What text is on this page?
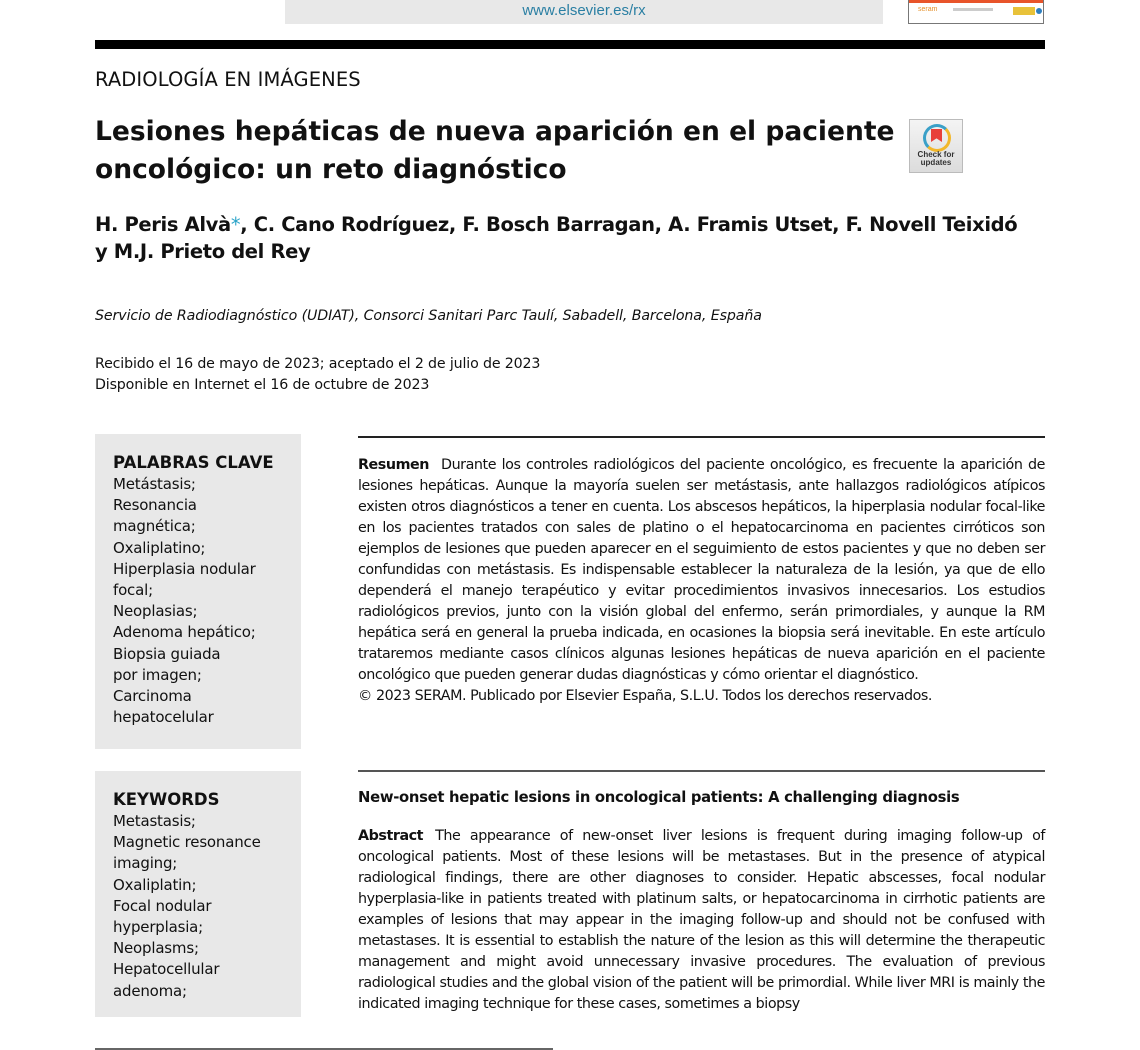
www.elsevier.es/rx	seram
RADIOLOGÍA EN IMÁGENES
Lesiones hepáticas de nueva aparición en el paciente
oncológico: un reto diagnóstico	Check for
updates
H. Peris Alvà*, C. Cano Rodríguez, F. Bosch Barragan, A. Framis Utset, F. Novell Teixidó
y M.J. Prieto del Rey
Servicio de Radiodiagnóstico (UDIAT), Consorci Sanitari Parc Taulí, Sabadell, Barcelona, España
Recibido el 16 de mayo de 2023; aceptado el 2 de julio de 2023
Disponible en Internet el 16 de octubre de 2023
PALABRAS CLAVE
Metástasis;
Resonancia
magnética;
Oxaliplatino;
Hiperplasia nodular
focal;
Neoplasias;
Adenoma hepático;
Biopsia guiada
por imagen;
Carcinoma
hepatocelular
KEYWORDS
Metastasis;
Magnetic resonance
imaging;
Oxaliplatin;
Focal nodular
hyperplasia;
Neoplasms;
Hepatocellular
adenoma;
Resumen Durante los controles radiológicos del paciente oncológico, es frecuente la aparición de lesiones hepáticas. Aunque la mayoría suelen ser metástasis, ante hallazgos radiológicos atípicos existen otros diagnósticos a tener en cuenta. Los abscesos hepáticos, la hiperplasia nodular focal-like en los pacientes tratados con sales de platino o el hepatocarcinoma en pacientes cirróticos son ejemplos de lesiones que pueden aparecer en el seguimiento de estos pacientes y que no deben ser confundidas con metástasis. Es indispensable establecer la naturaleza de la lesión, ya que de ello dependerá el manejo terapéutico y evitar procedimientos invasivos innecesarios. Los estudios radiológicos previos, junto con la visión global del enfermo, serán primordiales, y aunque la RM hepática será en general la prueba indicada, en ocasiones la biopsia será inevitable. En este artículo trataremos mediante casos clínicos algunas lesiones hepáticas de nueva aparición en el paciente oncológico que pueden generar dudas diagnósticas y cómo orientar el diagnóstico.
© 2023 SERAM. Publicado por Elsevier España, S.L.U. Todos los derechos reservados.
New-onset hepatic lesions in oncological patients: A challenging diagnosis
Abstract The appearance of new-onset liver lesions is frequent during imaging follow-up of oncological patients. Most of these lesions will be metastases. But in the presence of atypical radiological findings, there are other diagnoses to consider. Hepatic abscesses, focal nodular hyperplasia-like in patients treated with platinum salts, or hepatocarcinoma in cirrhotic patients are examples of lesions that may appear in the imaging follow-up and should not be confused with metastases. It is essential to establish the nature of the lesion as this will determine the therapeutic management and might avoid unnecessary invasive procedures. The evaluation of previous radiological studies and the global vision of the patient will be primordial. While liver MRI is mainly the indicated imaging technique for these cases, sometimes a biopsy
